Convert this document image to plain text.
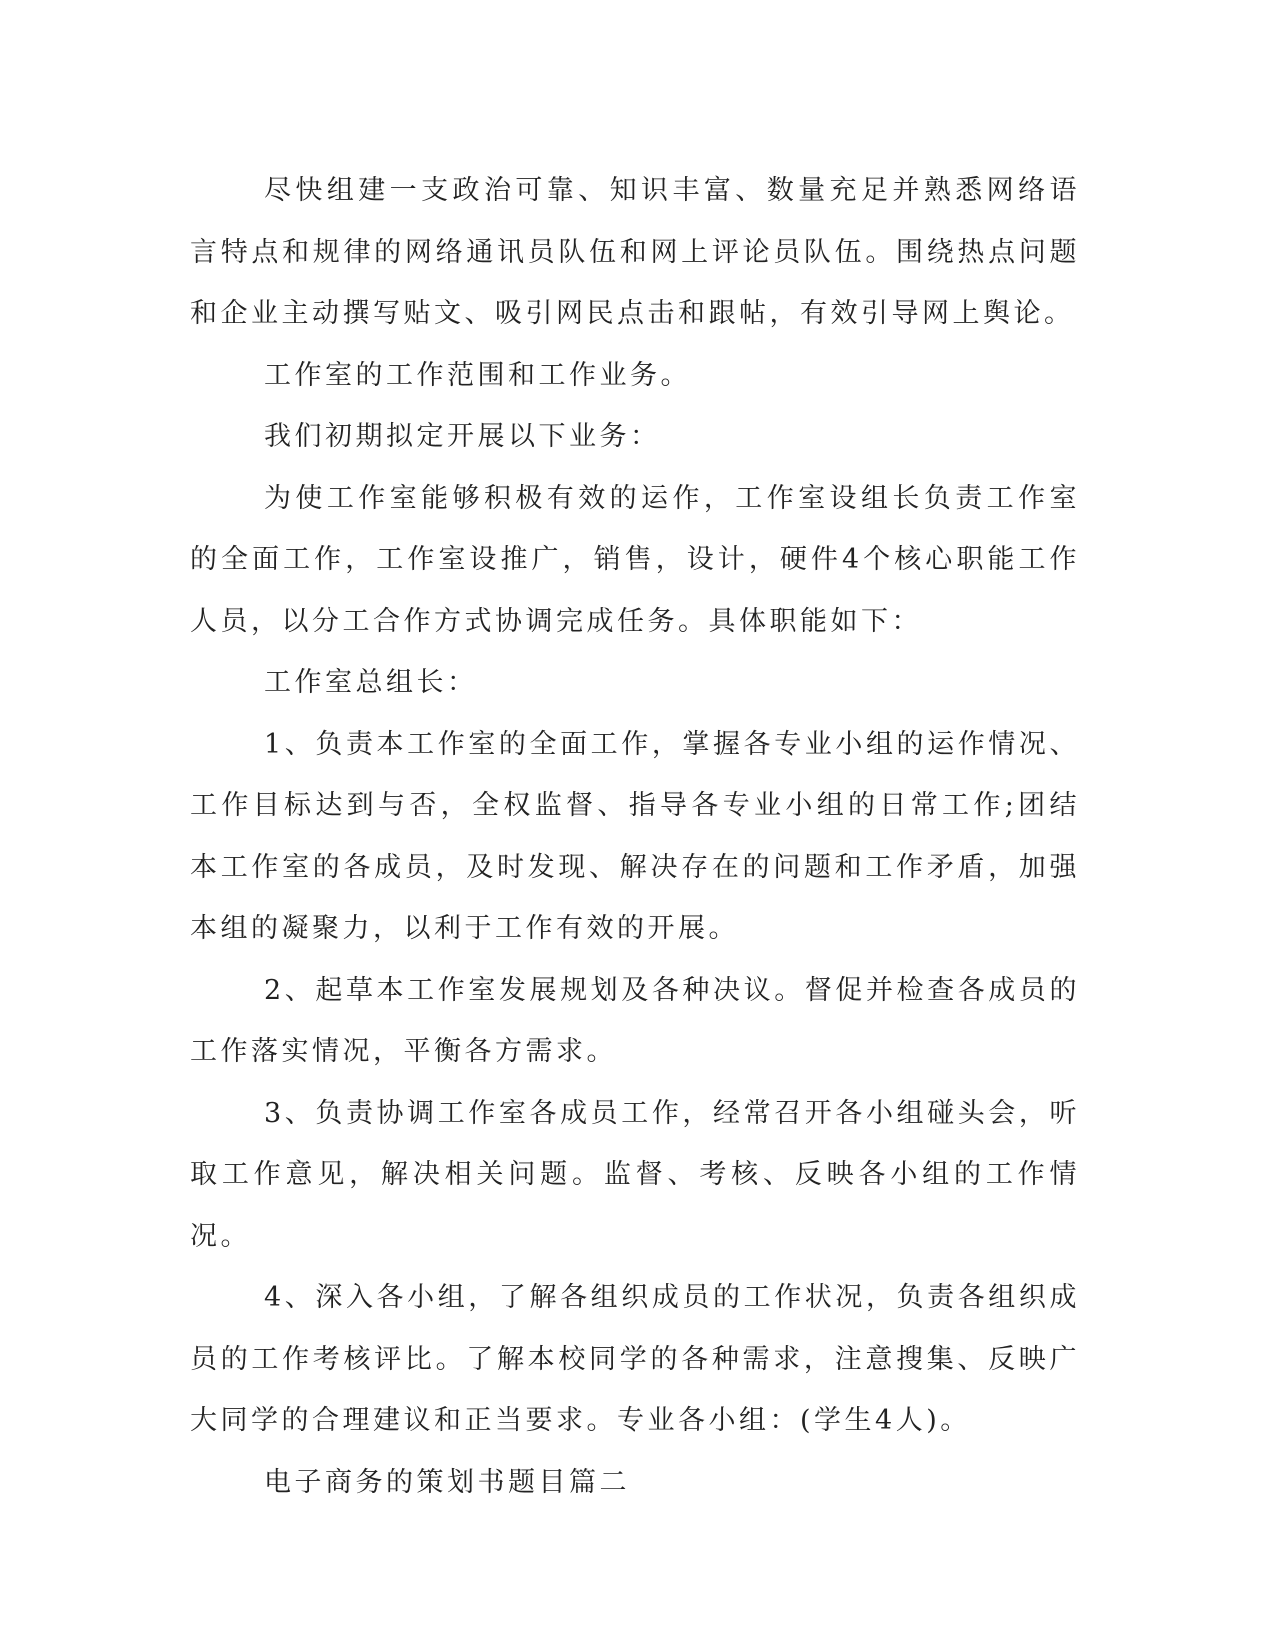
尽快组建一支政治可靠、知识丰富、数量充足并熟悉网络语言特点和规律的网络通讯员队伍和网上评论员队伍。围绕热点问题和企业主动撰写贴文、吸引网民点击和跟帖，有效引导网上舆论。

工作室的工作范围和工作业务。

我们初期拟定开展以下业务：

为使工作室能够积极有效的运作，工作室设组长负责工作室的全面工作，工作室设推广，销售，设计，硬件4个核心职能工作人员，以分工合作方式协调完成任务。具体职能如下：

工作室总组长：

1、负责本工作室的全面工作，掌握各专业小组的运作情况、工作目标达到与否，全权监督、指导各专业小组的日常工作;团结本工作室的各成员，及时发现、解决存在的问题和工作矛盾，加强本组的凝聚力，以利于工作有效的开展。

2、起草本工作室发展规划及各种决议。督促并检查各成员的工作落实情况，平衡各方需求。

3、负责协调工作室各成员工作，经常召开各小组碰头会，听取工作意见，解决相关问题。监督、考核、反映各小组的工作情况。

4、深入各小组，了解各组织成员的工作状况，负责各组织成员的工作考核评比。了解本校同学的各种需求，注意搜集、反映广大同学的合理建议和正当要求。专业各小组：(学生4人)。

电子商务的策划书题目篇二
